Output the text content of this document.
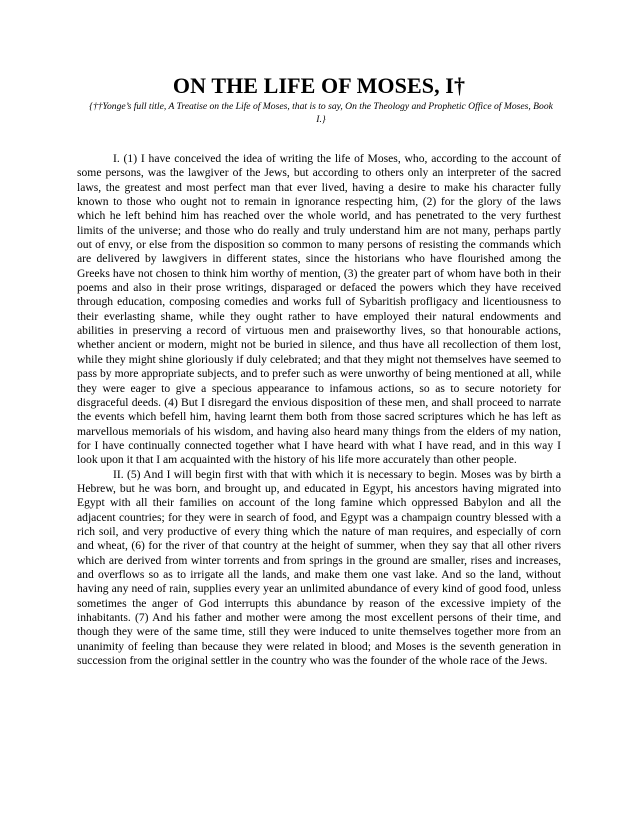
ON THE LIFE OF MOSES, I†

{††Yonge’s full title, A Treatise on the Life of Moses, that is to say, On the Theology and Prophetic Office of Moses, Book I.}

I. (1) I have conceived the idea of writing the life of Moses, who, according to the account of some persons, was the lawgiver of the Jews, but according to others only an interpreter of the sacred laws, the greatest and most perfect man that ever lived, having a desire to make his character fully known to those who ought not to remain in ignorance respecting him, (2) for the glory of the laws which he left behind him has reached over the whole world, and has penetrated to the very furthest limits of the universe; and those who do really and truly understand him are not many, perhaps partly out of envy, or else from the disposition so common to many persons of resisting the commands which are delivered by lawgivers in different states, since the historians who have flourished among the Greeks have not chosen to think him worthy of mention, (3) the greater part of whom have both in their poems and also in their prose writings, disparaged or defaced the powers which they have received through education, composing comedies and works full of Sybaritish profligacy and licentiousness to their everlasting shame, while they ought rather to have employed their natural endowments and abilities in preserving a record of virtuous men and praiseworthy lives, so that honourable actions, whether ancient or modern, might not be buried in silence, and thus have all recollection of them lost, while they might shine gloriously if duly celebrated; and that they might not themselves have seemed to pass by more appropriate subjects, and to prefer such as were unworthy of being mentioned at all, while they were eager to give a specious appearance to infamous actions, so as to secure notoriety for disgraceful deeds. (4) But I disregard the envious disposition of these men, and shall proceed to narrate the events which befell him, having learnt them both from those sacred scriptures which he has left as marvellous memorials of his wisdom, and having also heard many things from the elders of my nation, for I have continually connected together what I have heard with what I have read, and in this way I look upon it that I am acquainted with the history of his life more accurately than other people.

II. (5) And I will begin first with that with which it is necessary to begin. Moses was by birth a Hebrew, but he was born, and brought up, and educated in Egypt, his ancestors having migrated into Egypt with all their families on account of the long famine which oppressed Babylon and all the adjacent countries; for they were in search of food, and Egypt was a champaign country blessed with a rich soil, and very productive of every thing which the nature of man requires, and especially of corn and wheat, (6) for the river of that country at the height of summer, when they say that all other rivers which are derived from winter torrents and from springs in the ground are smaller, rises and increases, and overflows so as to irrigate all the lands, and make them one vast lake. And so the land, without having any need of rain, supplies every year an unlimited abundance of every kind of good food, unless sometimes the anger of God interrupts this abundance by reason of the excessive impiety of the inhabitants. (7) And his father and mother were among the most excellent persons of their time, and though they were of the same time, still they were induced to unite themselves together more from an unanimity of feeling than because they were related in blood; and Moses is the seventh generation in succession from the original settler in the country who was the founder of the whole race of the Jews.
